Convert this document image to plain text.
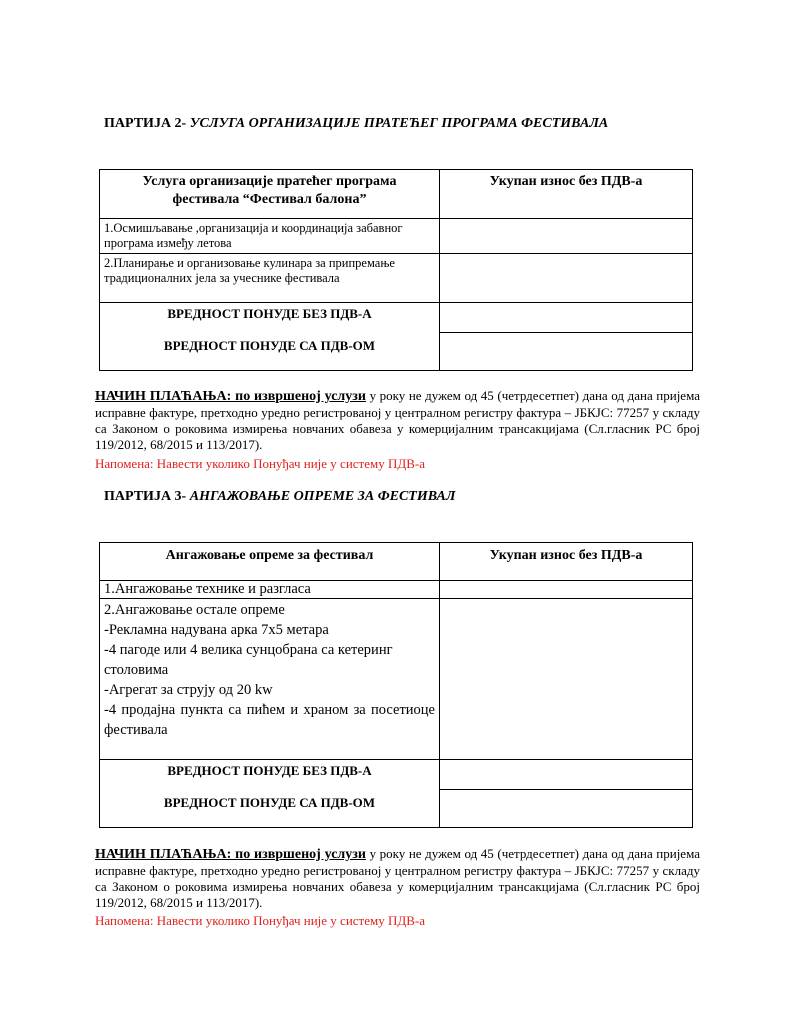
ПАРТИЈА 2- УСЛУГА ОРГАНИЗАЦИЈЕ ПРАТЕЋЕГ ПРОГРАМА ФЕСТИВАЛА
Услуга организације пратећег програма фестивала “Фестивал балона”	Укупан износ без ПДВ-а
1.Осмишљавање ,организација и координација забавног програма између летова	
2.Планирање и организовање кулинара за припремање традиционалних јела за учеснике фестивала	

ВРЕДНОСТ ПОНУДЕ БЕЗ ПДВ-А
ВРЕДНОСТ ПОНУДЕ СА ПДВ-ОМ	

НАЧИН ПЛАЋАЊА: по извршеној услузи у року не дужем од 45 (четрдесетпет) дана од дана пријема исправне фактуре, претходно уредно регистрованој у централном регистру фактура – ЈБКЈС: 77257 у складу са Законом о роковима измирења новчаних обавеза у комерцијалним трансакцијама (Сл.гласник РС број 119/2012, 68/2015 и 113/2017).
Напомена: Навести уколико Понуђач није у систему ПДВ-а
ПАРТИЈА 3- АНГАЖОВАЊЕ ОПРЕМЕ ЗА ФЕСТИВАЛ
Ангажовање опреме за фестивал	Укупан износ без ПДВ-а
1.Ангажовање технике и разгласа	

2.Ангажовање остале опреме
-Рекламна надувана арка 7х5 метара
-4 пагоде или 4 велика сунцобрана са кетеринг столовима
-Агрегат за струју од 20 kw
-4 продајна пункта са пићем и храном за посетиоце фестивала	

ВРЕДНОСТ ПОНУДЕ БЕЗ ПДВ-А
ВРЕДНОСТ ПОНУДЕ СА ПДВ-ОМ	

НАЧИН ПЛАЋАЊА: по извршеној услузи у року не дужем од 45 (четрдесетпет) дана од дана пријема исправне фактуре, претходно уредно регистрованој у централном регистру фактура – ЈБКЈС: 77257 у складу са Законом о роковима измирења новчаних обавеза у комерцијалним трансакцијама (Сл.гласник РС број 119/2012, 68/2015 и 113/2017).
Напомена: Навести уколико Понуђач није у систему ПДВ-а
